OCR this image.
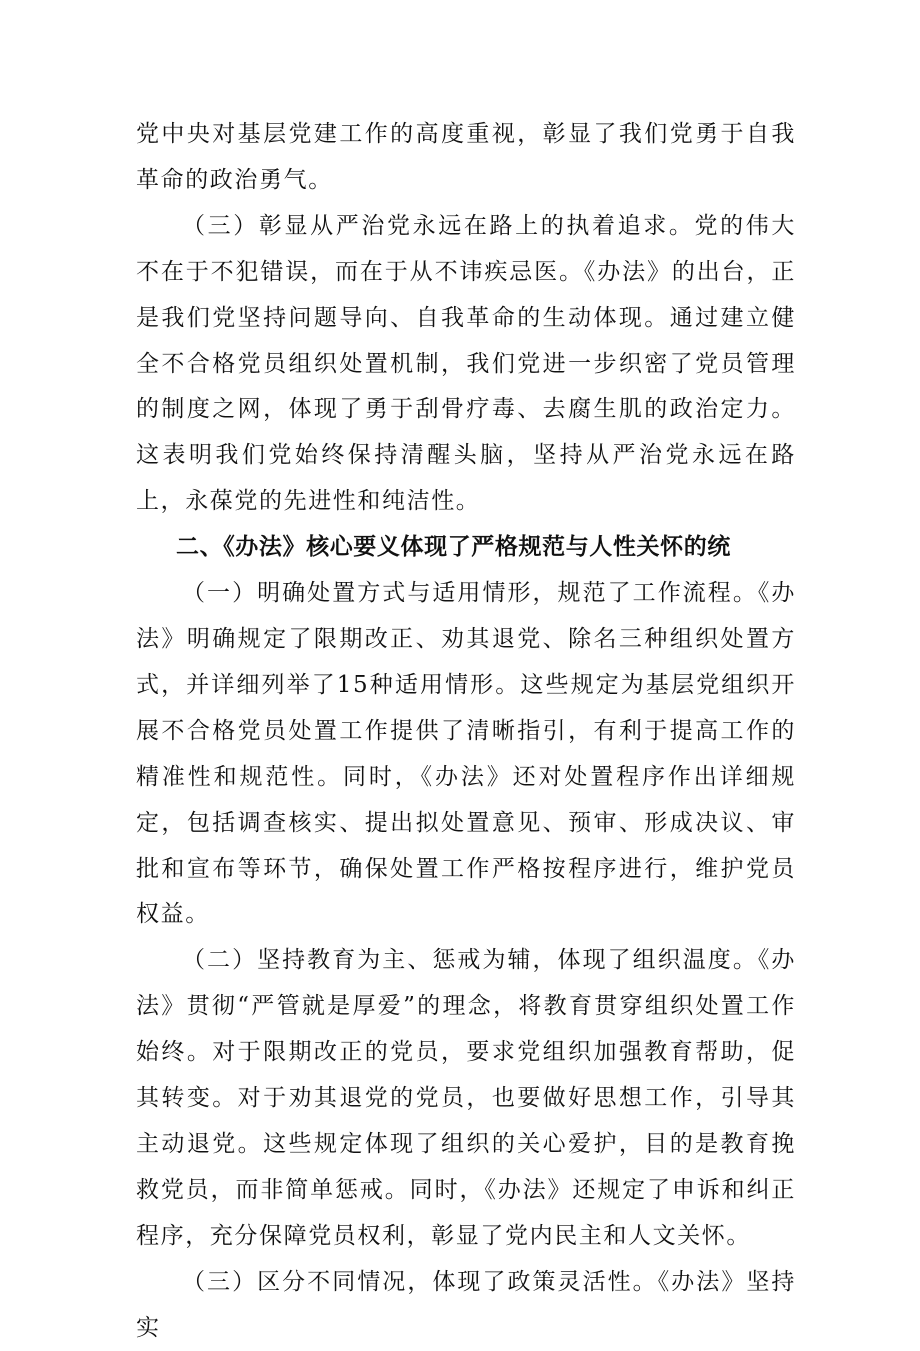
党中央对基层党建工作的高度重视，彰显了我们党勇于自我革命的政治勇气。

（三）彰显从严治党永远在路上的执着追求。党的伟大不在于不犯错误，而在于从不讳疾忌医。《办法》的出台，正是我们党坚持问题导向、自我革命的生动体现。通过建立健全不合格党员组织处置机制，我们党进一步织密了党员管理的制度之网，体现了勇于刮骨疗毒、去腐生肌的政治定力。这表明我们党始终保持清醒头脑，坚持从严治党永远在路上，永葆党的先进性和纯洁性。

二、《办法》核心要义体现了严格规范与人性关怀的统

（一）明确处置方式与适用情形，规范了工作流程。《办法》明确规定了限期改正、劝其退党、除名三种组织处置方式，并详细列举了15种适用情形。这些规定为基层党组织开展不合格党员处置工作提供了清晰指引，有利于提高工作的精准性和规范性。同时，《办法》还对处置程序作出详细规定，包括调查核实、提出拟处置意见、预审、形成决议、审批和宣布等环节，确保处置工作严格按程序进行，维护党员权益。

（二）坚持教育为主、惩戒为辅，体现了组织温度。《办法》贯彻“严管就是厚爱”的理念，将教育贯穿组织处置工作始终。对于限期改正的党员，要求党组织加强教育帮助，促其转变。对于劝其退党的党员，也要做好思想工作，引导其主动退党。这些规定体现了组织的关心爱护，目的是教育挽救党员，而非简单惩戒。同时，《办法》还规定了申诉和纠正程序，充分保障党员权利，彰显了党内民主和人文关怀。

（三）区分不同情况，体现了政策灵活性。《办法》坚持实
